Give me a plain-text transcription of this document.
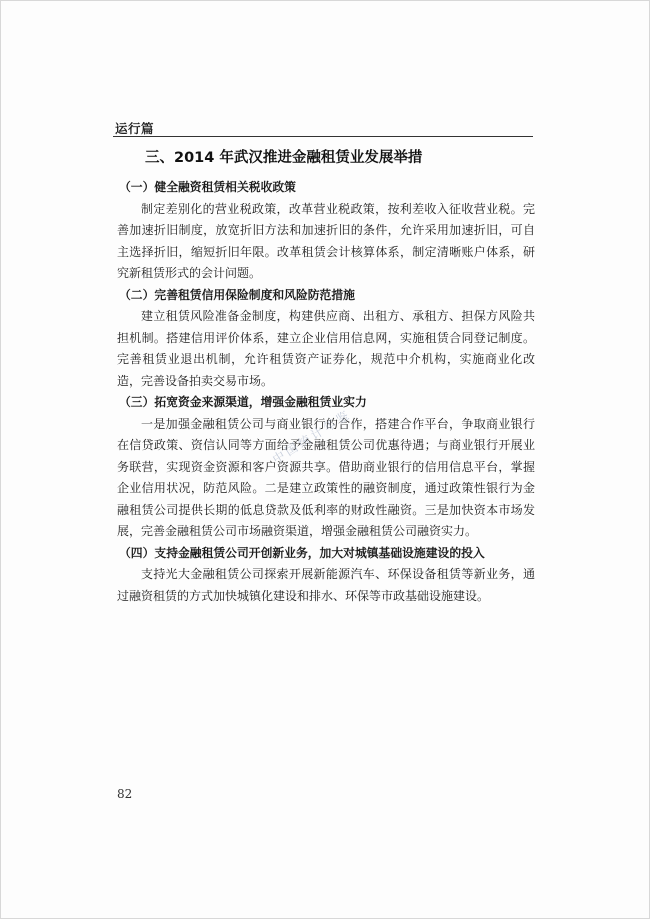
运行篇
三、2014 年武汉推进金融租赁业发展举措
（一）健全融资租赁相关税收政策

制定差别化的营业税政策，改革营业税政策，按利差收入征收营业税。完善加速折旧制度，放宽折旧方法和加速折旧的条件，允许采用加速折旧，可自主选择折旧，缩短折旧年限。改革租赁会计核算体系，制定清晰账户体系，研究新租赁形式的会计问题。

（二）完善租赁信用保险制度和风险防范措施

建立租赁风险准备金制度，构建供应商、出租方、承租方、担保方风险共担机制。搭建信用评价体系，建立企业信用信息网，实施租赁合同登记制度。完善租赁业退出机制，允许租赁资产证券化，规范中介机构，实施商业化改造，完善设备拍卖交易市场。

（三）拓宽资金来源渠道，增强金融租赁业实力

一是加强金融租赁公司与商业银行的合作，搭建合作平台，争取商业银行在信贷政策、资信认同等方面给予金融租赁公司优惠待遇；与商业银行开展业务联营，实现资金资源和客户资源共享。借助商业银行的信用信息平台，掌握企业信用状况，防范风险。二是建立政策性的融资制度，通过政策性银行为金融租赁公司提供长期的低息贷款及低利率的财政性融资。三是加快资本市场发展，完善金融租赁公司市场融资渠道，增强金融租赁公司融资实力。

（四）支持金融租赁公司开创新业务，加大对城镇基础设施建设的投入

支持光大金融租赁公司探索开展新能源汽车、环保设备租赁等新业务，通过融资租赁的方式加快城镇化建设和排水、环保等市政基础设施建设。

中国统计年鉴
82
